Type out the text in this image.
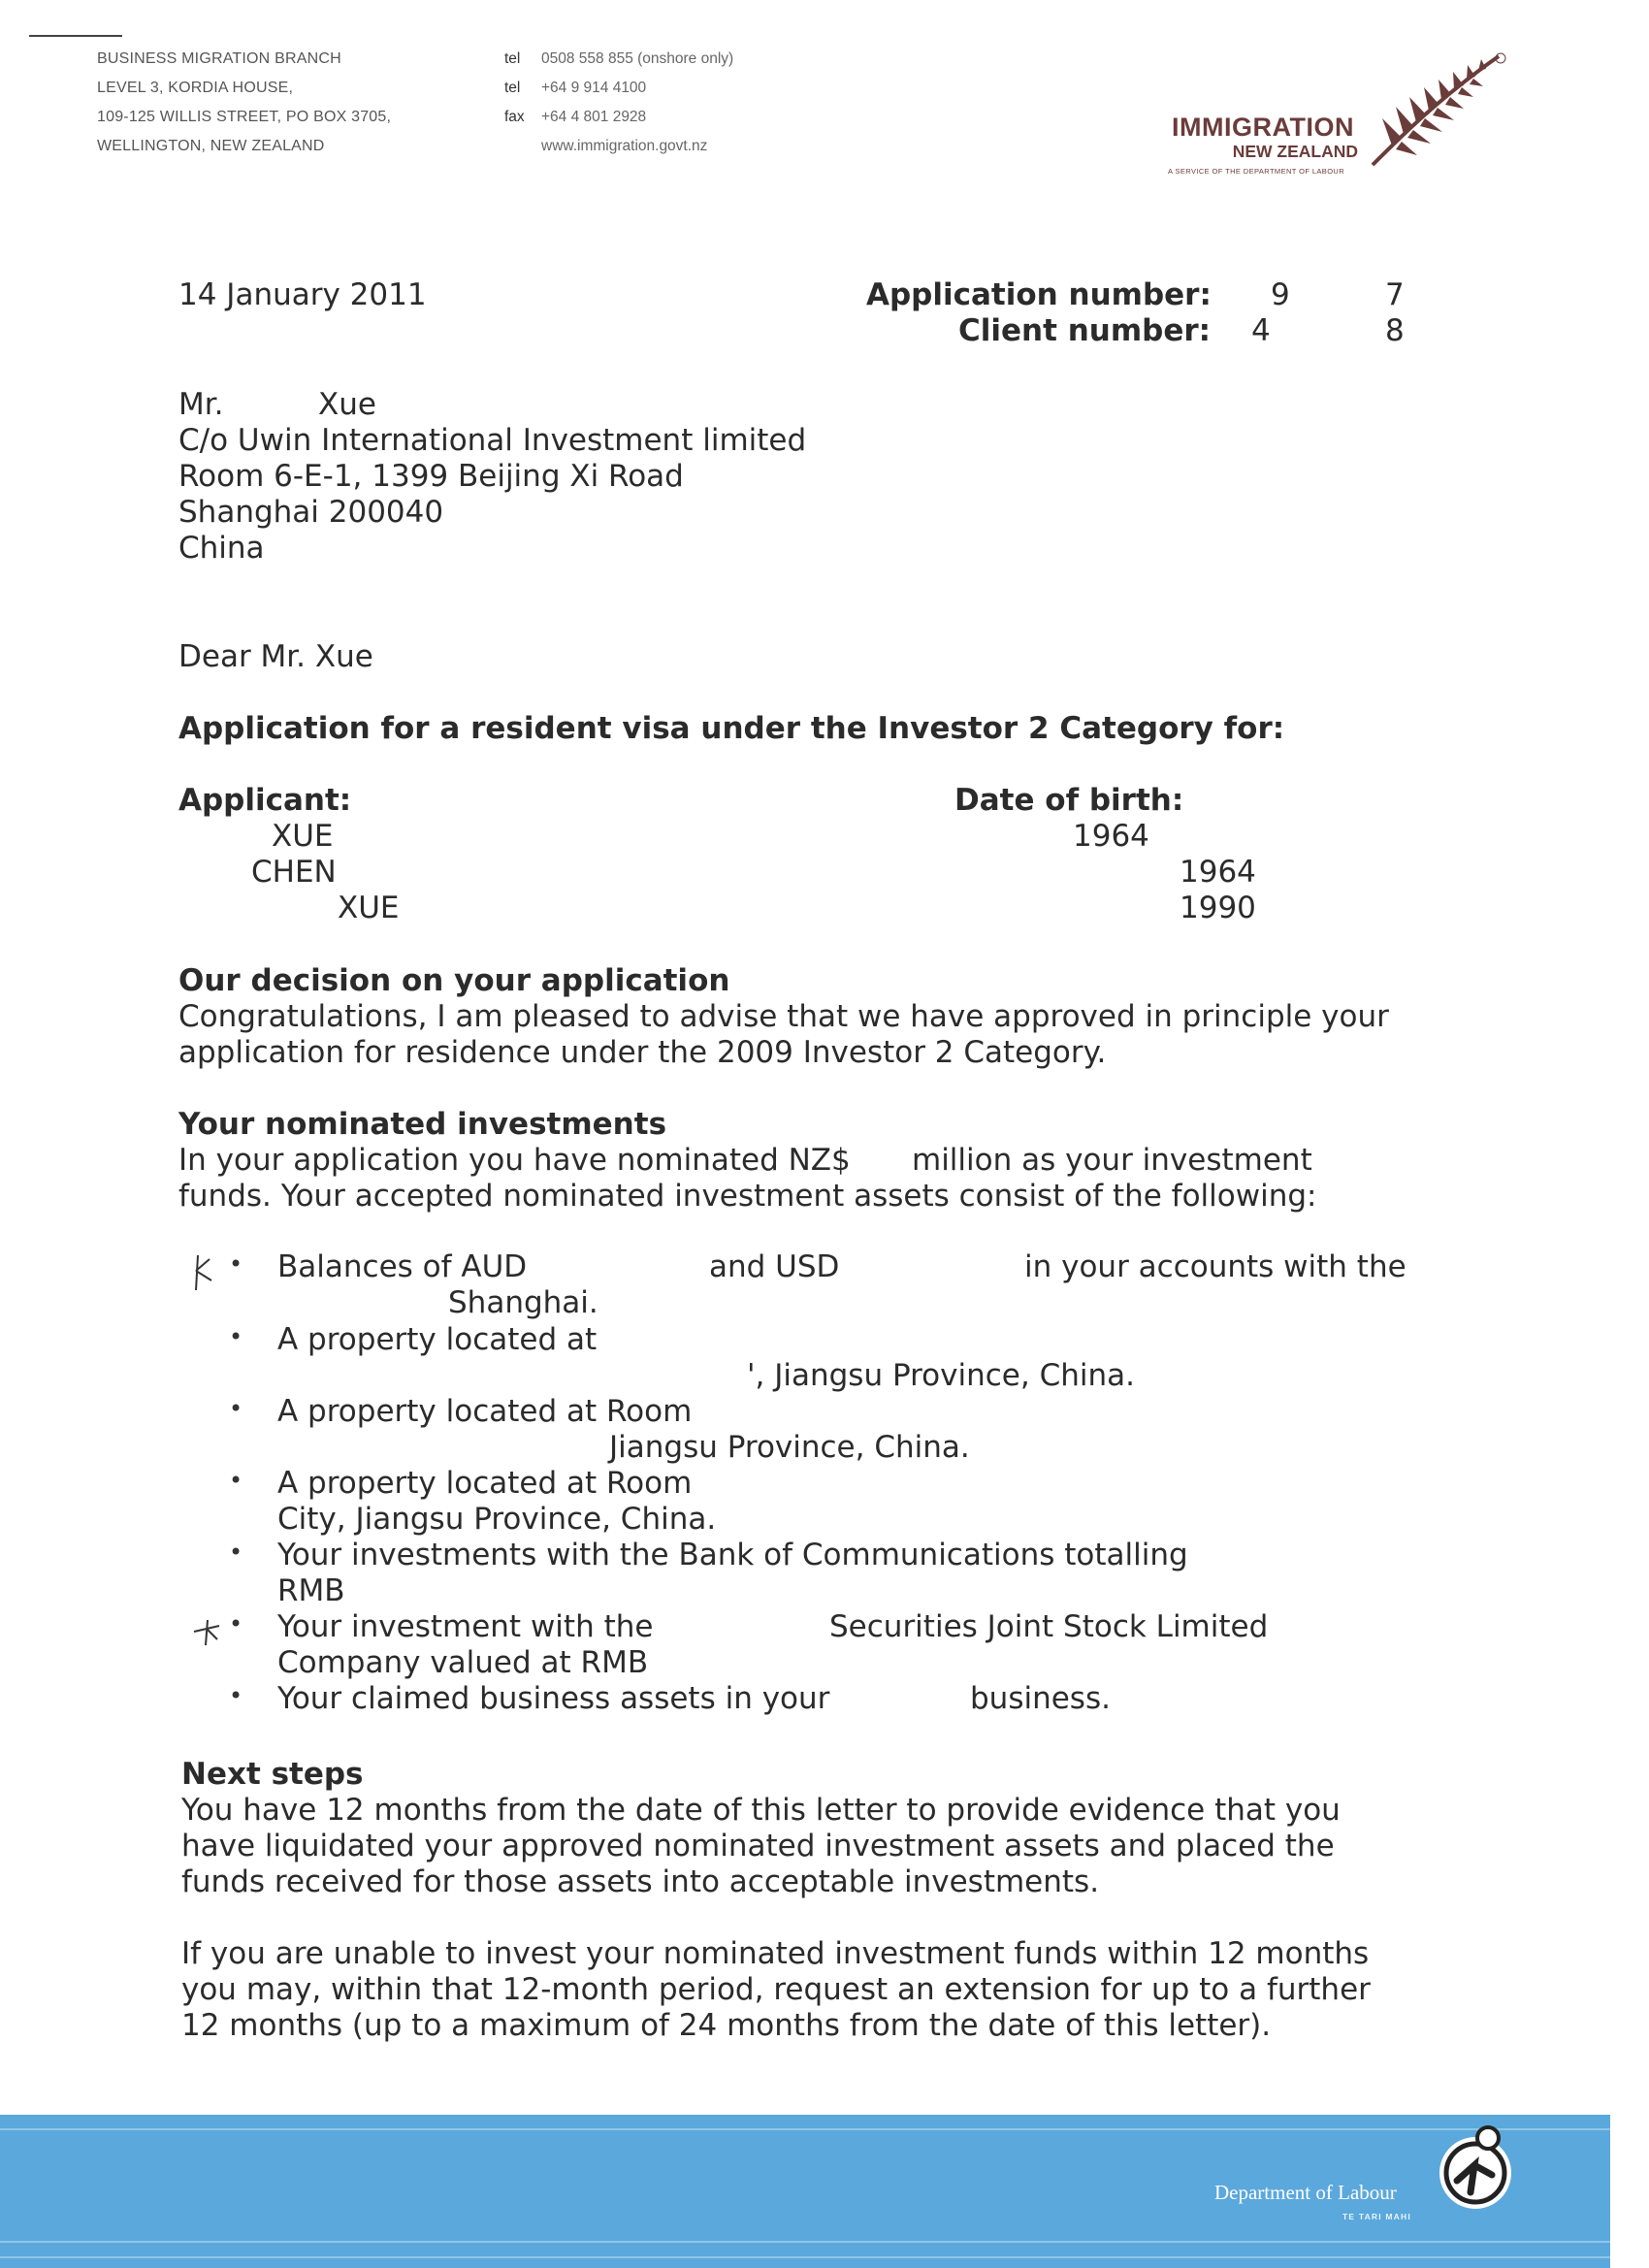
BUSINESS MIGRATION BRANCH
LEVEL 3, KORDIA HOUSE,
109-125 WILLIS STREET, PO BOX 3705,
WELLINGTON, NEW ZEALAND
tel 0508 558 855 (onshore only)
tel +64 9 914 4100
fax +64 4 801 2928
www.immigration.govt.nz
IMMIGRATION
NEW ZEALAND
A SERVICE OF THE DEPARTMENT OF LABOUR
14 January 2011	Application number: 9	7
Client number: 4	8
Mr.	Xue
C/o Uwin International Investment limited
Room 6-E-1, 1399 Beijing Xi Road
Shanghai 200040
China
Dear Mr. Xue
Application for a resident visa under the Investor 2 Category for:
Applicant:	Date of birth:
XUE	1964
CHEN	1964
XUE	1990
Our decision on your application
Congratulations, I am pleased to advise that we have approved in principle your
application for residence under the 2009 Investor 2 Category.
Your nominated investments
In your application you have nominated NZ$ million as your investment
funds. Your accepted nominated investment assets consist of the following:
• Balances of AUD	and USD	in your accounts with the
Shanghai.
• A property located at
', Jiangsu Province, China.
• A property located at Room
Jiangsu Province, China.
• A property located at Room
City, Jiangsu Province, China.
• Your investments with the Bank of Communications totalling
RMB
• Your investment with the	Securities Joint Stock Limited
Company valued at RMB
• Your claimed business assets in your	business.
Next steps
You have 12 months from the date of this letter to provide evidence that you
have liquidated your approved nominated investment assets and placed the
funds received for those assets into acceptable investments.
If you are unable to invest your nominated investment funds within 12 months
you may, within that 12-month period, request an extension for up to a further
12 months (up to a maximum of 24 months from the date of this letter).
Department of Labour
TE TARI MAHI
